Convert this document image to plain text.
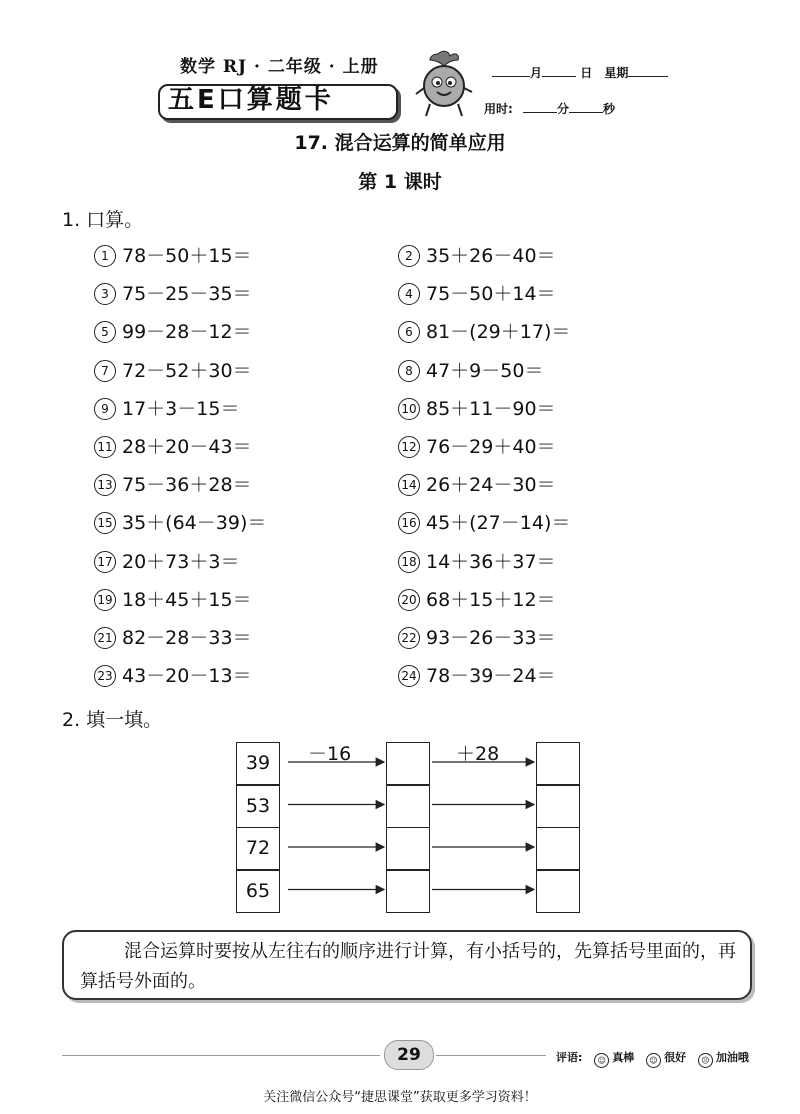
数学 RJ · 二年级 · 上册
五E口算题卡
月	日 星期
用时:	分	秒
17. 混合运算的简单应用
第 1 课时
1. 口算。
1 78－50＋15＝	2 35＋26－40＝
3 75－25－35＝	4 75－50＋14＝
5 99－28－12＝	6 81－(29＋17)＝
7 72－52＋30＝	8 47＋9－50＝
9 17＋3－15＝	10 85＋11－90＝
11 28＋20－43＝	12 76－29＋40＝
13 75－36＋28＝	14 26＋24－30＝
15 35＋(64－39)＝	16 45＋(27－14)＝
17 20＋73＋3＝	18 14＋36＋37＝
19 18＋45＋15＝	20 68＋15＋12＝
21 82－28－33＝	22 93－26－33＝
23 43－20－13＝	24 78－39－24＝
2. 填一填。
－16	＋28
39
53
72
65
混合运算时要按从左往右的顺序进行计算，有小括号的，先算括号里面的，再算括号外面的。
29	评语: ☺ 真棒 ☺ 很好 ☹ 加油哦
关注微信公众号“捷思课堂”获取更多学习资料！
